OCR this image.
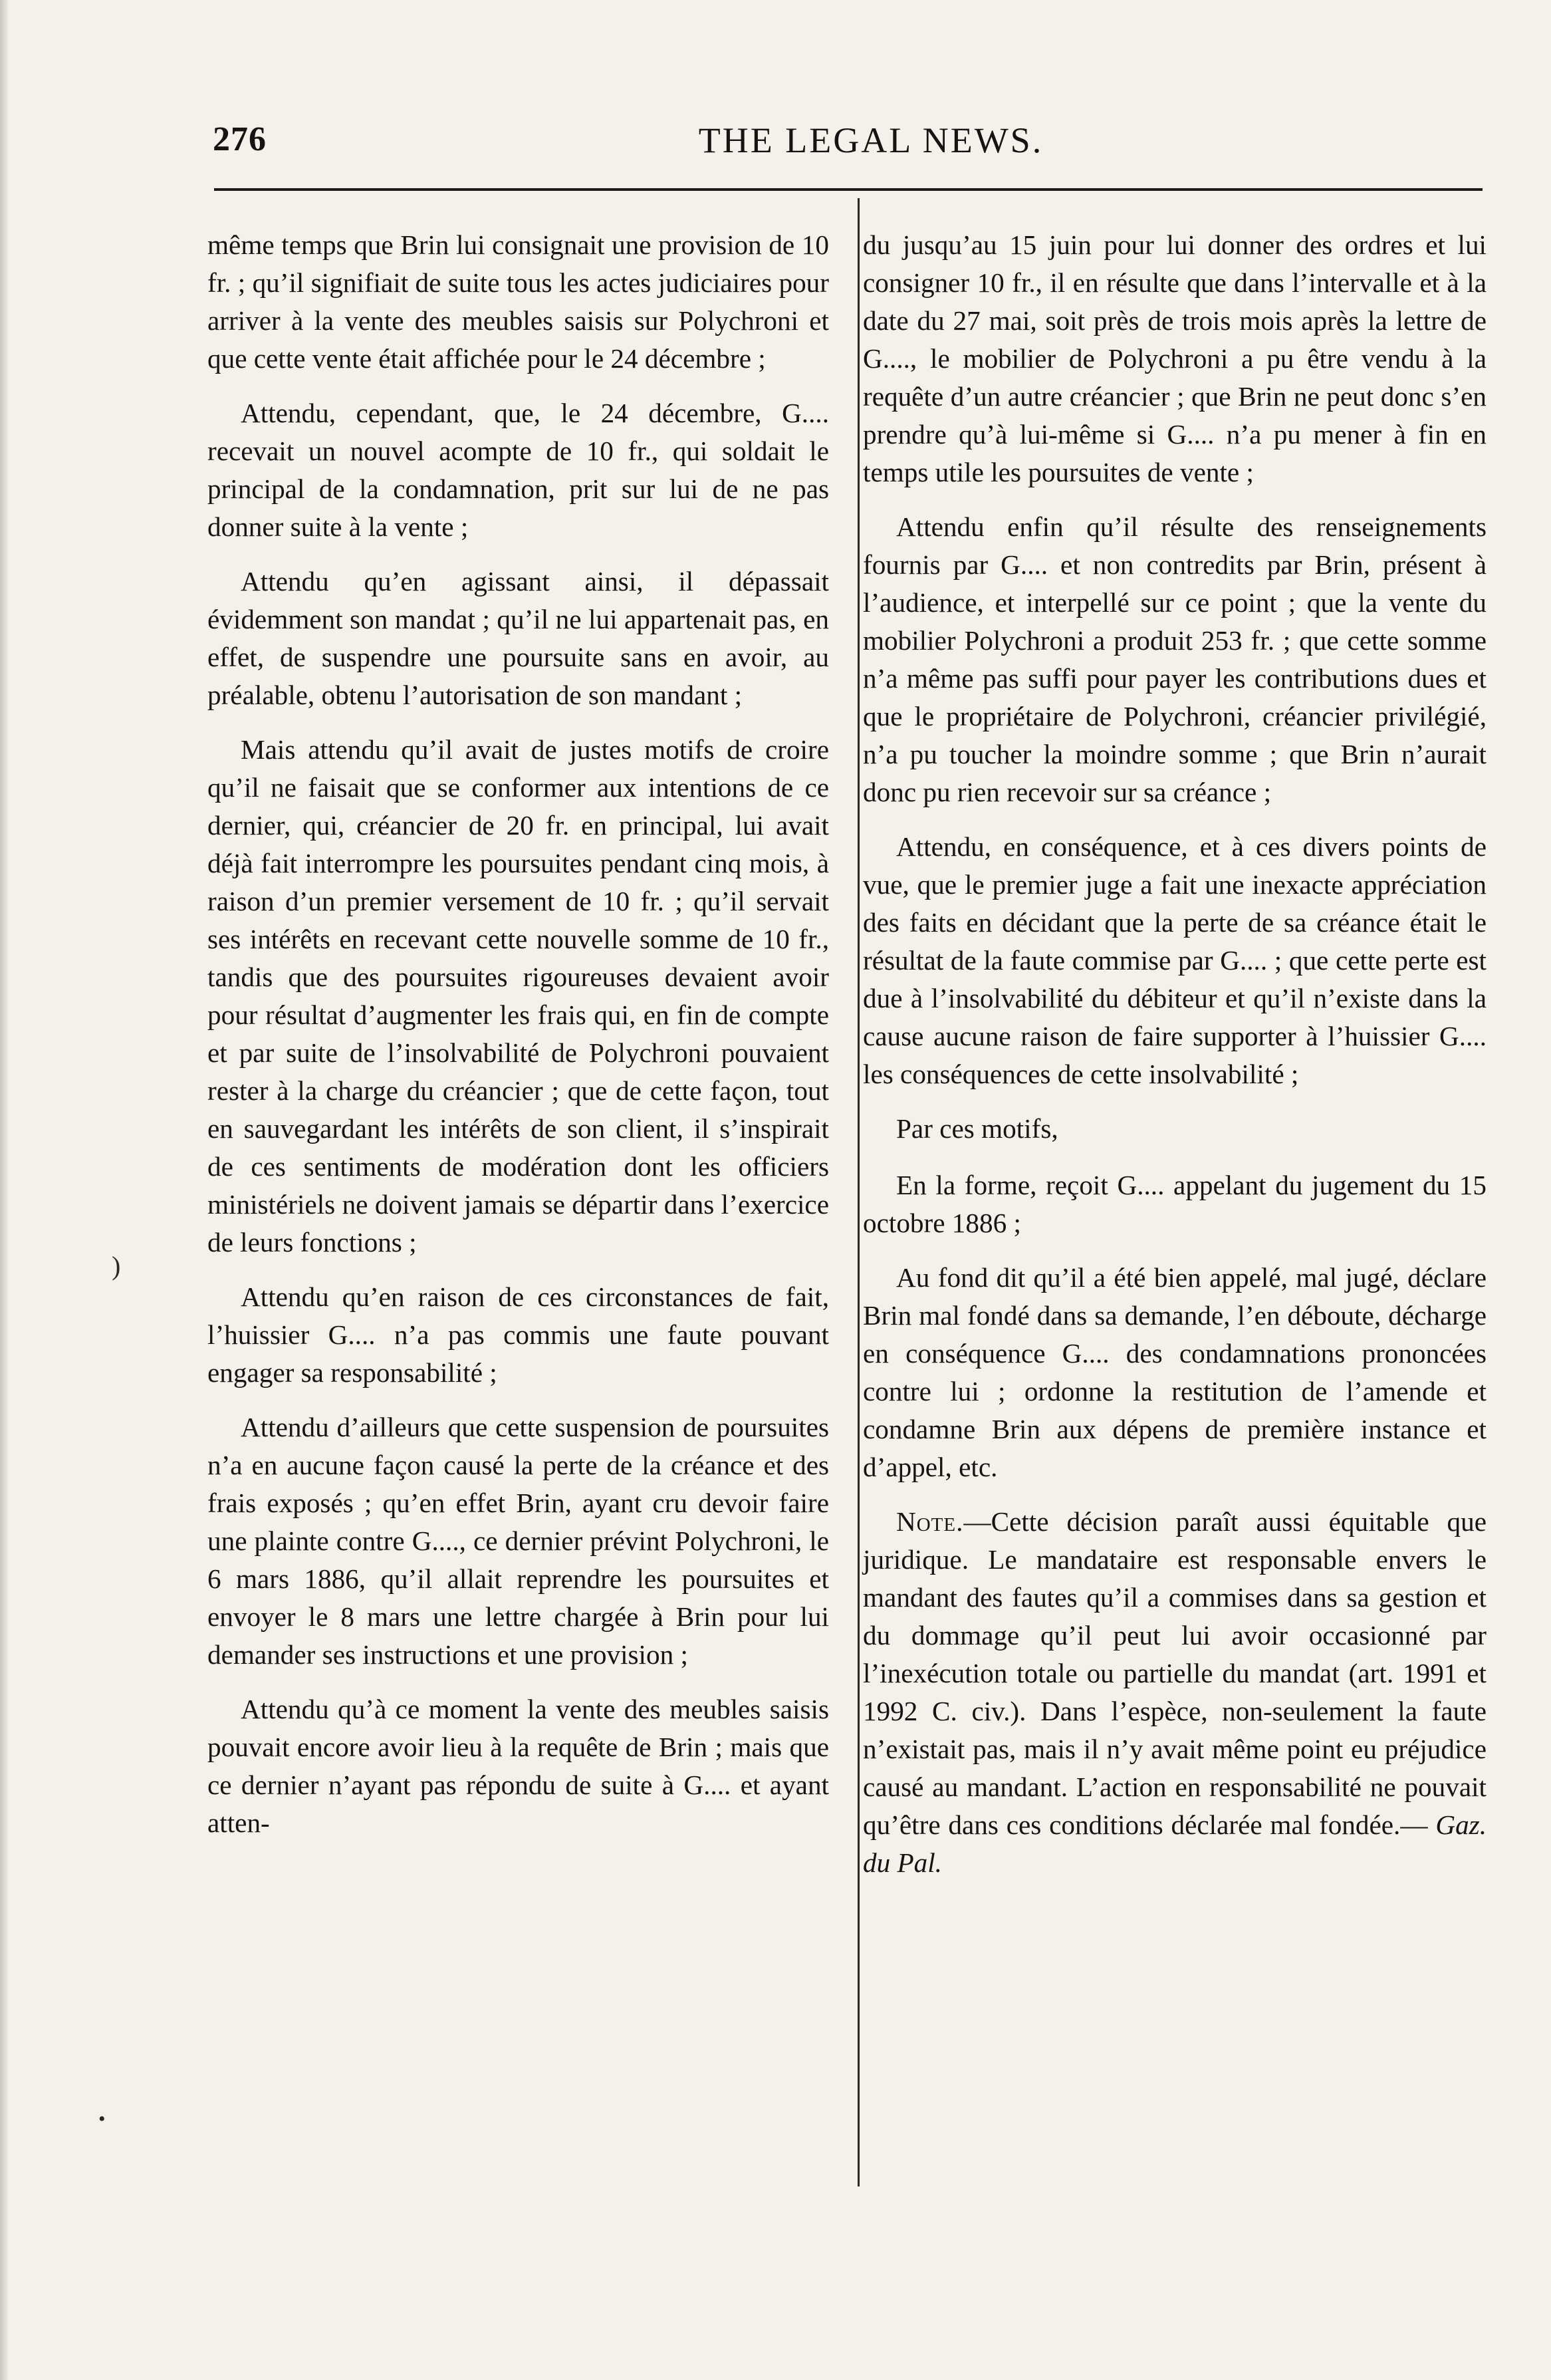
276	THE LEGAL NEWS.

même temps que Brin lui consignait une provision de 10 fr. ; qu’il signifiait de suite tous les actes judiciaires pour arriver à la vente des meubles saisis sur Polychroni et que cette vente était affichée pour le 24 décembre ;

Attendu, cependant, que, le 24 décembre, G.... recevait un nouvel acompte de 10 fr., qui soldait le principal de la condamnation, prit sur lui de ne pas donner suite à la vente ;

Attendu qu’en agissant ainsi, il dépassait évidemment son mandat ; qu’il ne lui appartenait pas, en effet, de suspendre une poursuite sans en avoir, au préalable, obtenu l’autorisation de son mandant ;

Mais attendu qu’il avait de justes motifs de croire qu’il ne faisait que se conformer aux intentions de ce dernier, qui, créancier de 20 fr. en principal, lui avait déjà fait interrompre les poursuites pendant cinq mois, à raison d’un premier versement de 10 fr. ; qu’il servait ses intérêts en recevant cette nouvelle somme de 10 fr., tandis que des poursuites rigoureuses devaient avoir pour résultat d’augmenter les frais qui, en fin de compte et par suite de l’insolvabilité de Polychroni pouvaient rester à la charge du créancier ; que de cette façon, tout en sauvegardant les intérêts de son client, il s’inspirait de ces sentiments de modération dont les officiers ministériels ne doivent jamais se départir dans l’exercice de leurs fonctions ;

Attendu qu’en raison de ces circonstances de fait, l’huissier G.... n’a pas commis une faute pouvant engager sa responsabilité ;

Attendu d’ailleurs que cette suspension de poursuites n’a en aucune façon causé la perte de la créance et des frais exposés ; qu’en effet Brin, ayant cru devoir faire une plainte contre G...., ce dernier prévint Polychroni, le 6 mars 1886, qu’il allait reprendre les poursuites et envoyer le 8 mars une lettre chargée à Brin pour lui demander ses instructions et une provision ;

Attendu qu’à ce moment la vente des meubles saisis pouvait encore avoir lieu à la requête de Brin ; mais que ce dernier n’ayant pas répondu de suite à G.... et ayant atten-

du jusqu’au 15 juin pour lui donner des ordres et lui consigner 10 fr., il en résulte que dans l’intervalle et à la date du 27 mai, soit près de trois mois après la lettre de G...., le mobilier de Polychroni a pu être vendu à la requête d’un autre créancier ; que Brin ne peut donc s’en prendre qu’à lui-même si G.... n’a pu mener à fin en temps utile les poursuites de vente ;

Attendu enfin qu’il résulte des renseignements fournis par G.... et non contredits par Brin, présent à l’audience, et interpellé sur ce point ; que la vente du mobilier Polychroni a produit 253 fr. ; que cette somme n’a même pas suffi pour payer les contributions dues et que le propriétaire de Polychroni, créancier privilégié, n’a pu toucher la moindre somme ; que Brin n’aurait donc pu rien recevoir sur sa créance ;

Attendu, en conséquence, et à ces divers points de vue, que le premier juge a fait une inexacte appréciation des faits en décidant que la perte de sa créance était le résultat de la faute commise par G.... ; que cette perte est due à l’insolvabilité du débiteur et qu’il n’existe dans la cause aucune raison de faire supporter à l’huissier G.... les conséquences de cette insolvabilité ;

Par ces motifs,

En la forme, reçoit G.... appelant du jugement du 15 octobre 1886 ;

Au fond dit qu’il a été bien appelé, mal jugé, déclare Brin mal fondé dans sa demande, l’en déboute, décharge en conséquence G.... des condamnations prononcées contre lui ; ordonne la restitution de l’amende et condamne Brin aux dépens de première instance et d’appel, etc.

Note.—Cette décision paraît aussi équitable que juridique. Le mandataire est responsable envers le mandant des fautes qu’il a commises dans sa gestion et du dommage qu’il peut lui avoir occasionné par l’inexécution totale ou partielle du mandat (art. 1991 et 1992 C. civ.). Dans l’espèce, non-seulement la faute n’existait pas, mais il n’y avait même point eu préjudice causé au mandant. L’action en responsabilité ne pouvait qu’être dans ces conditions déclarée mal fondée.— Gaz. du Pal.

)
•
